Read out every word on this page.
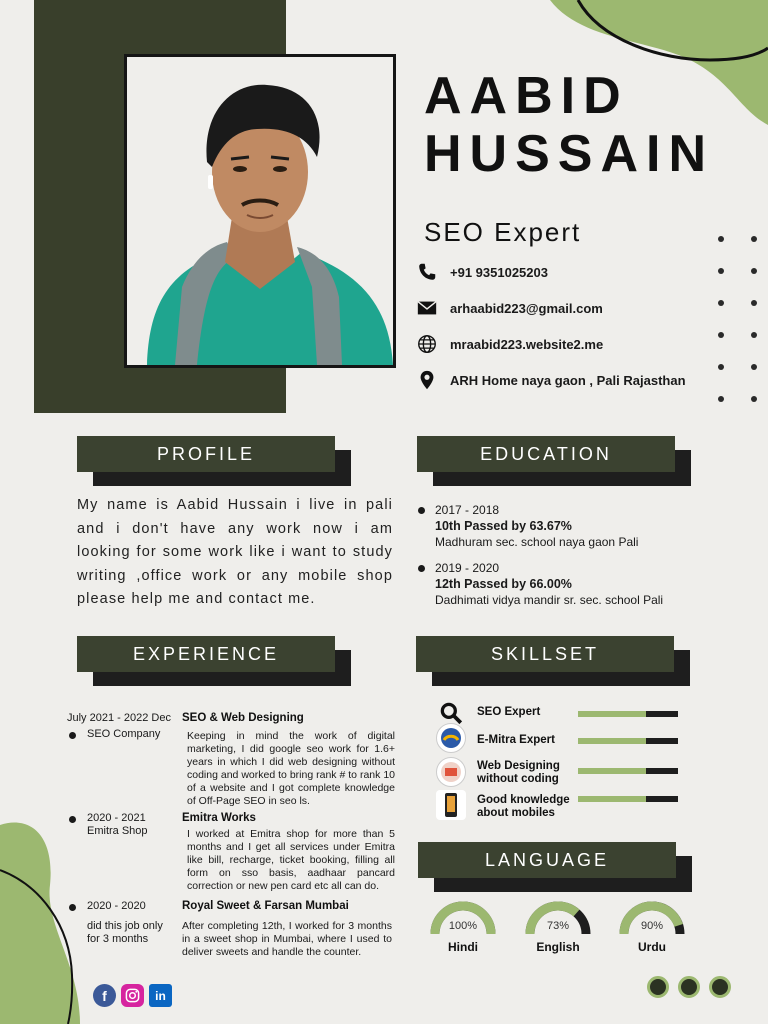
AABID
HUSSAIN
SEO Expert
+91 9351025203
arhaabid223@gmail.com
mraabid223.website2.me
ARH Home naya gaon , Pali Rajasthan
PROFILE
My name is Aabid Hussain i live in pali and i don't have any work now i am looking for some work like i want to study writing ,office work or any mobile shop please help me and contact me.
EDUCATION
2017 - 2018
10th Passed by 63.67%
Madhuram sec. school naya gaon Pali
2019 - 2020
12th Passed by 66.00%
Dadhimati vidya mandir sr. sec. school Pali
EXPERIENCE
July 2021 - 2022 Dec
SEO Company
SEO & Web Designing
Keeping in mind the work of digital marketing, I did google seo work for 1.6+ years in which I did web designing without coding and worked to bring rank # to rank 10 of a website and I got complete knowledge of Off-Page SEO in seo ls.
2020 - 2021
Emitra Shop
Emitra Works
I worked at Emitra shop for more than 5 months and I get all services under Emitra like bill, recharge, ticket booking, filling all form on sso basis, aadhaar pancard correction or new pen card etc all can do.
2020 - 2020
did this job only for 3 months
Royal Sweet & Farsan Mumbai
After completing 12th, I worked for 3 months in a sweet shop in Mumbai, where I used to deliver sweets and handle the counter.
SKILLSET
SEO Expert
E-Mitra Expert
Web Designing
without coding
Good knowledge
about mobiles
LANGUAGE
100%
Hindi
73%
English
90%
Urdu
f	in
